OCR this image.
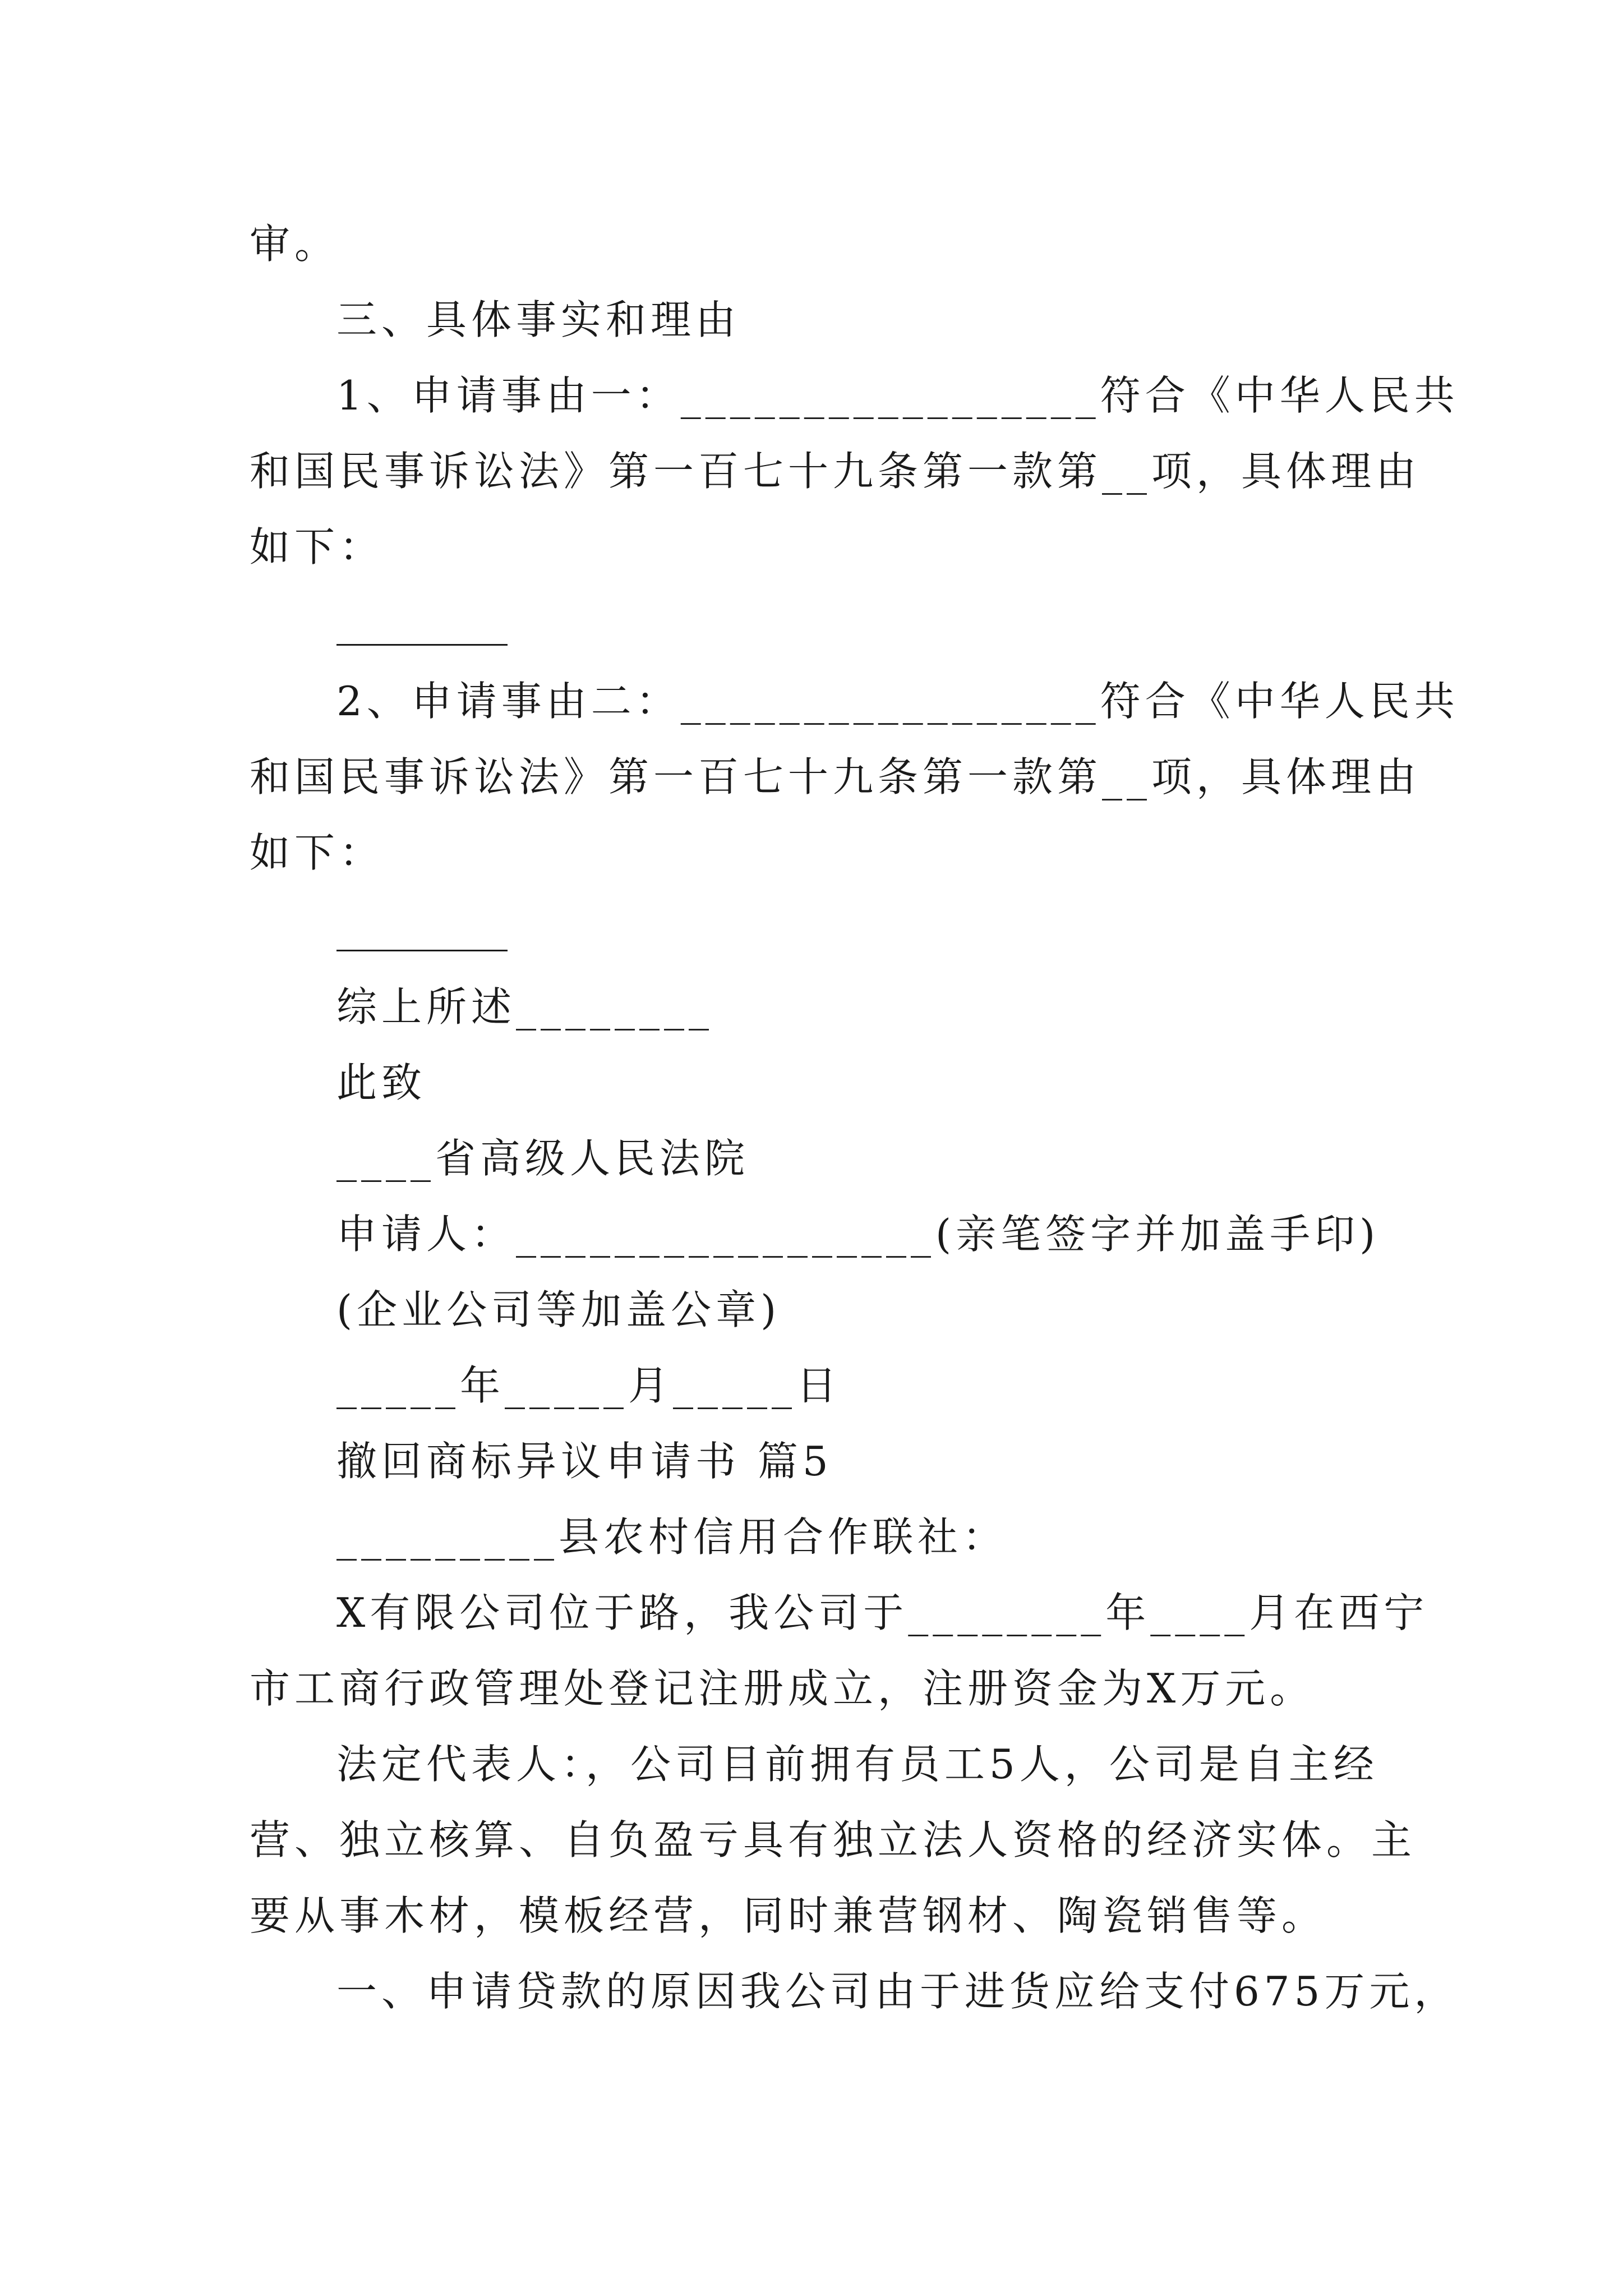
审。
三、具体事实和理由
1、申请事由一：_________________符合《中华人民共
和国民事诉讼法》第一百七十九条第一款第__项，具体理由
如下：
2、申请事由二：_________________符合《中华人民共
和国民事诉讼法》第一百七十九条第一款第__项，具体理由
如下：
综上所述________
此致
____省高级人民法院
申请人：_________________(亲笔签字并加盖手印)
(企业公司等加盖公章)
_____年_____月_____日
撤回商标异议申请书 篇5
_________县农村信用合作联社：
X有限公司位于路，我公司于________年____月在西宁
市工商行政管理处登记注册成立，注册资金为X万元。
法定代表人：，公司目前拥有员工5人，公司是自主经
营、独立核算、自负盈亏具有独立法人资格的经济实体。主
要从事木材，模板经营，同时兼营钢材、陶瓷销售等。
一、申请贷款的原因我公司由于进货应给支付675万元，
